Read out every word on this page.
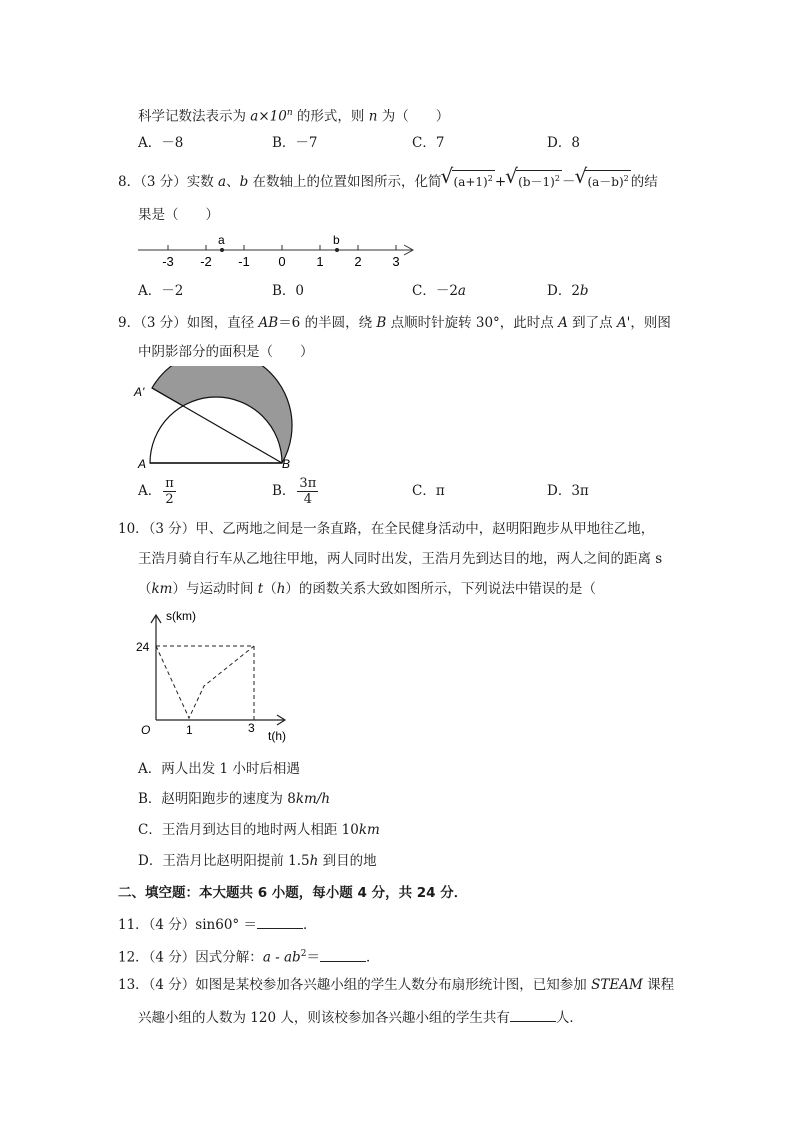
科学记数法表示为 $a\times 10^n$ 的形式，则 n 为（　　）
A．－8	B．－7	C．7	D．8
8．（3 分）实数 a、b 在数轴上的位置如图所示，化简 √ $(a+1)^2$ + √ $(b-1)^2$ － √ $(a-b)^2$ 的结
果是（　　）
a	b
-3 -2 -1 0 1 2 3
A．－2	B．0	C．－2a	D．2b
9．（3 分）如图，直径 AB＝6 的半圆，绕 B 点顺时针旋转 30°，此时点 A 到了点 A'，则图
中阴影部分的面积是（　　）
A'
A	B
A． $\frac{\pi}{2}$	B． $\frac{3\pi}{4}$	C．π	D．3π
10．（3 分）甲、乙两地之间是一条直路，在全民健身活动中，赵明阳跑步从甲地往乙地，
王浩月骑自行车从乙地往甲地，两人同时出发，王浩月先到达目的地，两人之间的距离 s
（km）与运动时间 t（h）的函数关系大致如图所示，下列说法中错误的是（
s(km)
t(h)
O
24
1	3
A．两人出发 1 小时后相遇
B．赵明阳跑步的速度为 8km/h
C．王浩月到达目的地时两人相距 10km
D．王浩月比赵明阳提前 1.5h 到目的地
二、填空题：本大题共 6 小题，每小题 4 分，共 24 分．
11．（4 分）sin60° ＝	．
12．（4 分）因式分解：$a - ab^2=$	．
13．（4 分）如图是某校参加各兴趣小组的学生人数分布扇形统计图，已知参加 STEAM 课程
兴趣小组的人数为 120 人，则该校参加各兴趣小组的学生共有	人．
